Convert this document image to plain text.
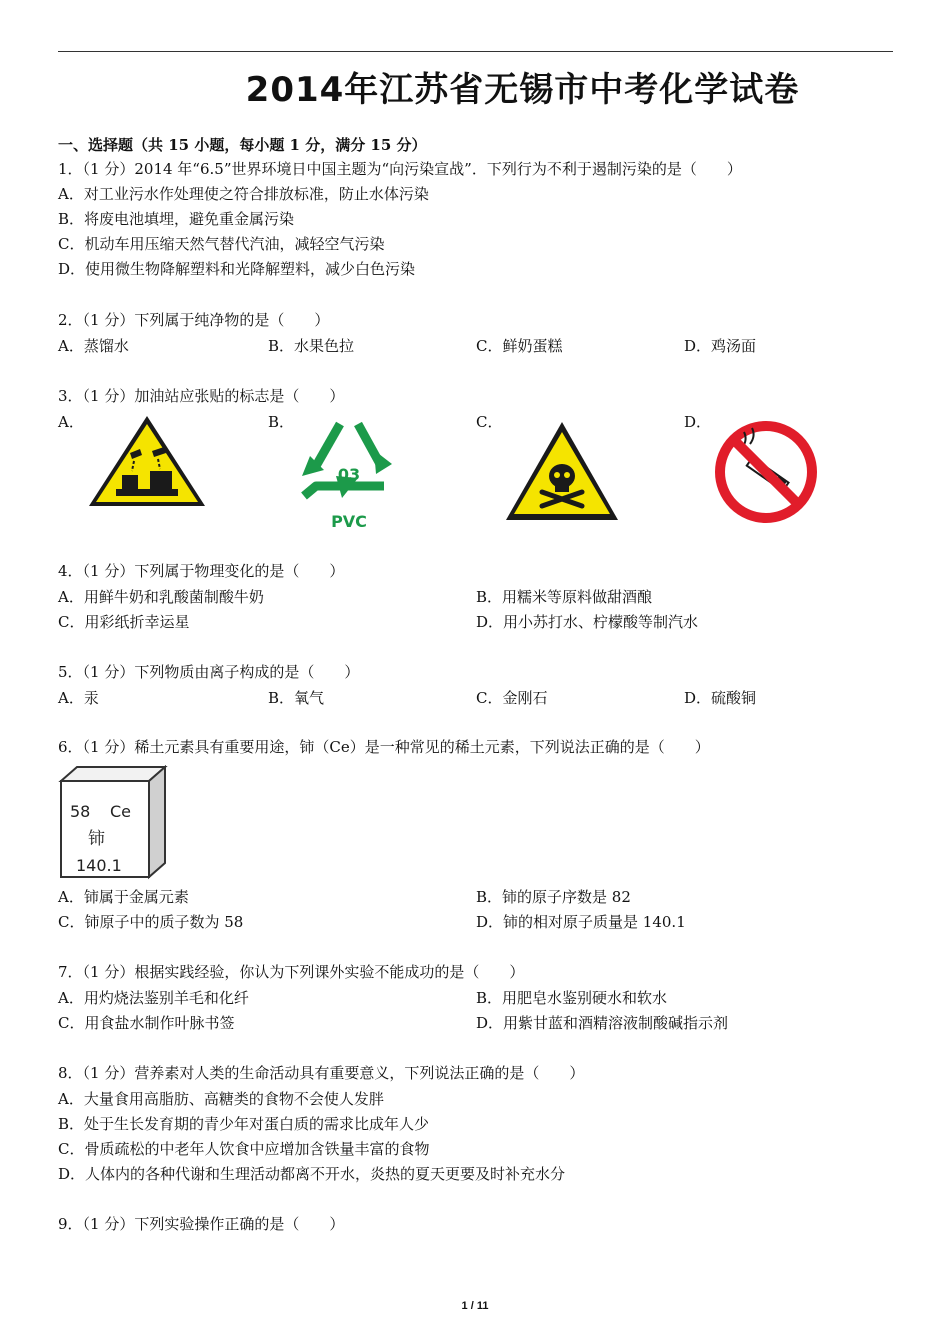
2014年江苏省无锡市中考化学试卷
一、选择题（共 15 小题，每小题 1 分，满分 15 分）
1．（1 分）2014 年“6.5”世界环境日中国主题为“向污染宣战”．下列行为不利于遏制污染的是（　　）
A．对工业污水作处理使之符合排放标准，防止水体污染
B．将废电池填埋，避免重金属污染
C．机动车用压缩天然气替代汽油，减轻空气污染
D．使用微生物降解塑料和光降解塑料，减少白色污染
2．（1 分）下列属于纯净物的是（　　）
A．蒸馏水	B．水果色拉	C．鲜奶蛋糕	D．鸡汤面
3．（1 分）加油站应张贴的标志是（　　）
A．	B．	C．	D．
03
PVC
4．（1 分）下列属于物理变化的是（　　）
A．用鲜牛奶和乳酸菌制酸牛奶	B．用糯米等原料做甜酒酿
C．用彩纸折幸运星	D．用小苏打水、柠檬酸等制汽水
5．（1 分）下列物质由离子构成的是（　　）
A．汞	B．氧气	C．金刚石	D．硫酸铜
6．（1 分）稀土元素具有重要用途，铈（Ce）是一种常见的稀土元素，下列说法正确的是（　　）
58 Ce
铈
140.1
A．铈属于金属元素	B．铈的原子序数是 82
C．铈原子中的质子数为 58	D．铈的相对原子质量是 140.1
7．（1 分）根据实践经验，你认为下列课外实验不能成功的是（　　）
A．用灼烧法鉴别羊毛和化纤	B．用肥皂水鉴别硬水和软水
C．用食盐水制作叶脉书签	D．用紫甘蓝和酒精溶液制酸碱指示剂
8．（1 分）营养素对人类的生命活动具有重要意义，下列说法正确的是（　　）
A．大量食用高脂肪、高糖类的食物不会使人发胖
B．处于生长发育期的青少年对蛋白质的需求比成年人少
C．骨质疏松的中老年人饮食中应增加含铁量丰富的食物
D．人体内的各种代谢和生理活动都离不开水，炎热的夏天更要及时补充水分
9．（1 分）下列实验操作正确的是（　　）
1 / 11
